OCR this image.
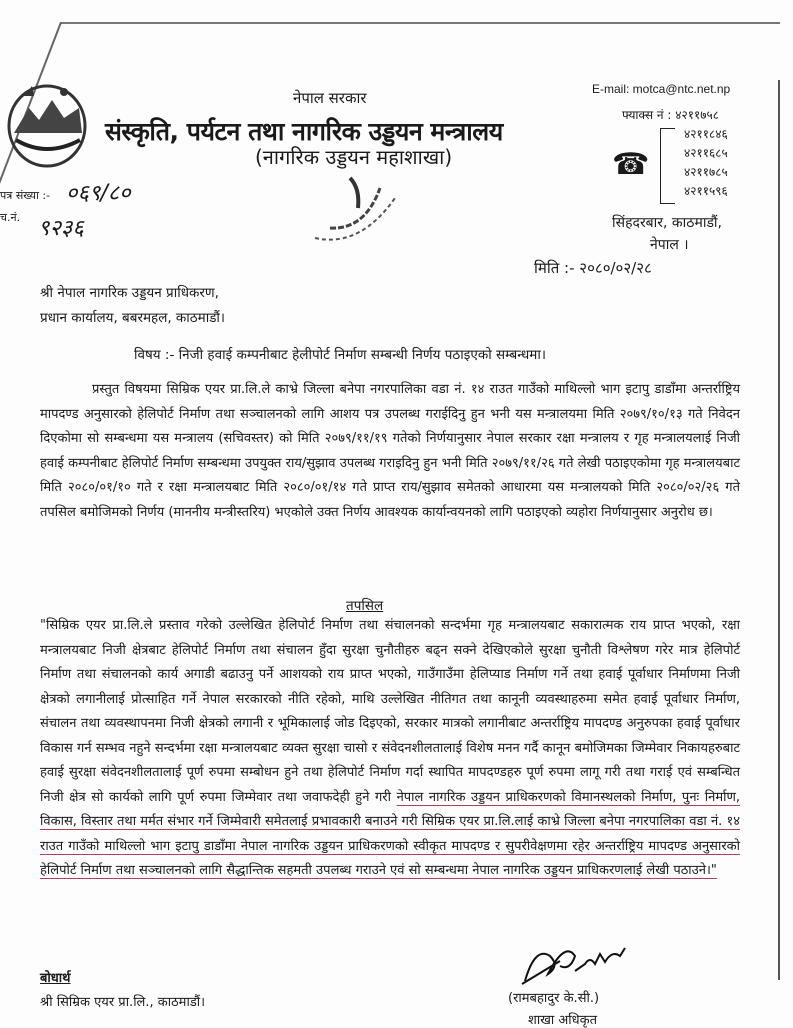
नेपाल सरकार
संस्कृति, पर्यटन तथा नागरिक उड्डयन मन्त्रालय
(नागरिक उड्डयन महाशाखा)
E-mail: motca@ntc.net.np
फ्याक्स नं : ४२११७५८
☎
४२११८४६
४२११६८५
४२११७८५
४२११५९६
सिंहदरबार, काठमाडौं,
नेपाल ।
पत्र संख्या :- ०६९/८०
च.नं. ९२३६
मिति :- २०८०/०२/२८
श्री नेपाल नागरिक उड्डयन प्राधिकरण,
प्रधान कार्यालय, बबरमहल, काठमाडौं।
विषय :- निजी हवाई कम्पनीबाट हेलीपोर्ट निर्माण सम्बन्धी निर्णय पठाइएको सम्बन्धमा।
प्रस्तुत विषयमा सिम्रिक एयर प्रा.लि.ले काभ्रे जिल्ला बनेपा नगरपालिका वडा नं. १४ राउत गाउँको माथिल्लो भाग इटापु डाडाँमा अन्तर्राष्ट्रिय मापदण्ड अनुसारको हेलिपोर्ट निर्माण तथा सञ्चालनको लागि आशय पत्र उपलब्ध गराईदिनु हुन भनी यस मन्त्रालयमा मिति २०७९/१०/१३ गते निवेदन दिएकोमा सो सम्बन्धमा यस मन्त्रालय (सचिवस्तर) को मिति २०७९/११/१९ गतेको निर्णयानुसार नेपाल सरकार रक्षा मन्त्रालय र गृह मन्त्रालयलाई निजी हवाई कम्पनीबाट हेलिपोर्ट निर्माण सम्बन्धमा उपयुक्त राय/सुझाव उपलब्ध गराइदिनु हुन भनी मिति २०७९/११/२६ गते लेखी पठाइएकोमा गृह मन्त्रालयबाट मिति २०८०/०१/१० गते र रक्षा मन्त्रालयबाट मिति २०८०/०१/१४ गते प्राप्त राय/सुझाव समेतको आधारमा यस मन्त्रालयको मिति २०८०/०२/२६ गते तपसिल बमोजिमको निर्णय (माननीय मन्त्रीस्तरिय) भएकोले उक्त निर्णय आवश्यक कार्यान्वयनको लागि पठाइएको व्यहोरा निर्णयानुसार अनुरोध छ।
तपसिल
"सिम्रिक एयर प्रा.लि.ले प्रस्ताव गरेको उल्लेखित हेलिपोर्ट निर्माण तथा संचालनको सन्दर्भमा गृह मन्त्रालयबाट सकारात्मक राय प्राप्त भएको, रक्षा मन्त्रालयबाट निजी क्षेत्रबाट हेलिपोर्ट निर्माण तथा संचालन हुँदा सुरक्षा चुनौतीहरु बढ्न सक्ने देखिएकोले सुरक्षा चुनौती विश्लेषण गरेर मात्र हेलिपोर्ट निर्माण तथा संचालनको कार्य अगाडी बढाउनु पर्ने आशयको राय प्राप्त भएको, गाउँगाउँमा हेलिप्याड निर्माण गर्ने तथा हवाई पूर्वाधार निर्माणमा निजी क्षेत्रको लगानीलाई प्रोत्साहित गर्ने नेपाल सरकारको नीति रहेको, माथि उल्लेखित नीतिगत तथा कानूनी व्यवस्थाहरुमा समेत हवाई पूर्वाधार निर्माण, संचालन तथा व्यवस्थापनमा निजी क्षेत्रको लगानी र भूमिकालाई जोड दिइएको, सरकार मात्रको लगानीबाट अन्तर्राष्ट्रिय मापदण्ड अनुरुपका हवाई पूर्वाधार विकास गर्न सम्भव नहुने सन्दर्भमा रक्षा मन्त्रालयबाट व्यक्त सुरक्षा चासो र संवेदनशीलतालाई विशेष मनन गर्दै कानून बमोजिमका जिम्मेवार निकायहरुबाट हवाई सुरक्षा संवेदनशीलतालाई पूर्ण रुपमा सम्बोधन हुने तथा हेलिपोर्ट निर्माण गर्दा स्थापित मापदण्डहरु पूर्ण रुपमा लागू गरी तथा गराई एवं सम्बन्धित निजी क्षेत्र सो कार्यको लागि पूर्ण रुपमा जिम्मेवार तथा जवाफदेही हुने गरी नेपाल नागरिक उड्डयन प्राधिकरणको विमानस्थलको निर्माण, पुनः निर्माण, विकास, विस्तार तथा मर्मत संभार गर्ने जिम्मेवारी समेतलाई प्रभावकारी बनाउने गरी सिम्रिक एयर प्रा.लि.लाई काभ्रे जिल्ला बनेपा नगरपालिका वडा नं. १४ राउत गाउँको माथिल्लो भाग इटापु डाडाँमा नेपाल नागरिक उड्डयन प्राधिकरणको स्वीकृत मापदण्ड र सुपरीवेक्षणमा रहेर अन्तर्राष्ट्रिय मापदण्ड अनुसारको हेलिपोर्ट निर्माण तथा सञ्चालनको लागि सैद्धान्तिक सहमती उपलब्ध गराउने एवं सो सम्बन्धमा नेपाल नागरिक उड्डयन प्राधिकरणलाई लेखी पठाउने।"
बोधार्थ
श्री सिम्रिक एयर प्रा.लि., काठमाडौं।	(रामबहादुर के.सी.)
शाखा अधिकृत
